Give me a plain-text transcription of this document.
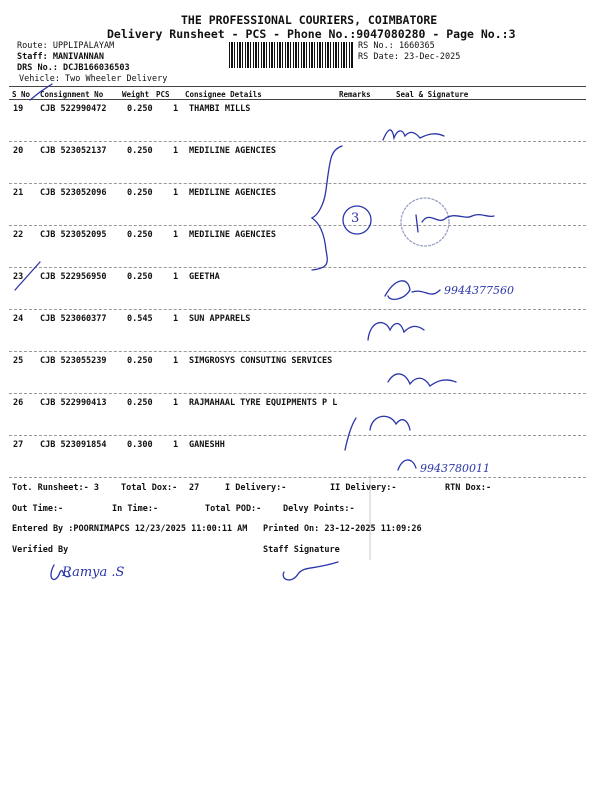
THE PROFESSIONAL COURIERS, COIMBATORE
Delivery Runsheet - PCS - Phone No.:9047080280 - Page No.:3
Route: UPPLIPALAYAM
Staff: MANIVANNAN
DRS No.: DCJB166036503
Vehicle: Two Wheeler Delivery
RS No.: 1660365
RS Date: 23-Dec-2025
S No Consignment No	Weight PCS Consignee Details	Remarks	Seal & Signature
19 CJB 522990472 0.250 1 THAMBI MILLS
20 CJB 523052137 0.250 1 MEDILINE AGENCIES
21 CJB 523052096 0.250 1 MEDILINE AGENCIES
22 CJB 523052095 0.250 1 MEDILINE AGENCIES
23 CJB 522956950 0.250 1 GEETHA
24 CJB 523060377 0.545 1 SUN APPARELS
25 CJB 523055239 0.250 1 SIMGROSYS CONSUTING SERVICES
26 CJB 522990413 0.250 1 RAJMAHAAL TYRE EQUIPMENTS P L
27 CJB 523091854 0.300 1 GANESHH
3
9944377560
9943780011
Tot. Runsheet:- 3	Total Dox:- 27	I Delivery:-	II Delivery:-	RTN Dox:-
Out Time:-	In Time:-	Total POD:-	Delvy Points:-
Entered By :POORNIMAPCS 12/23/2025 11:00:11 AM Printed On: 23-12-2025 11:09:26
Verified By	Staff Signature
Ramya .S
